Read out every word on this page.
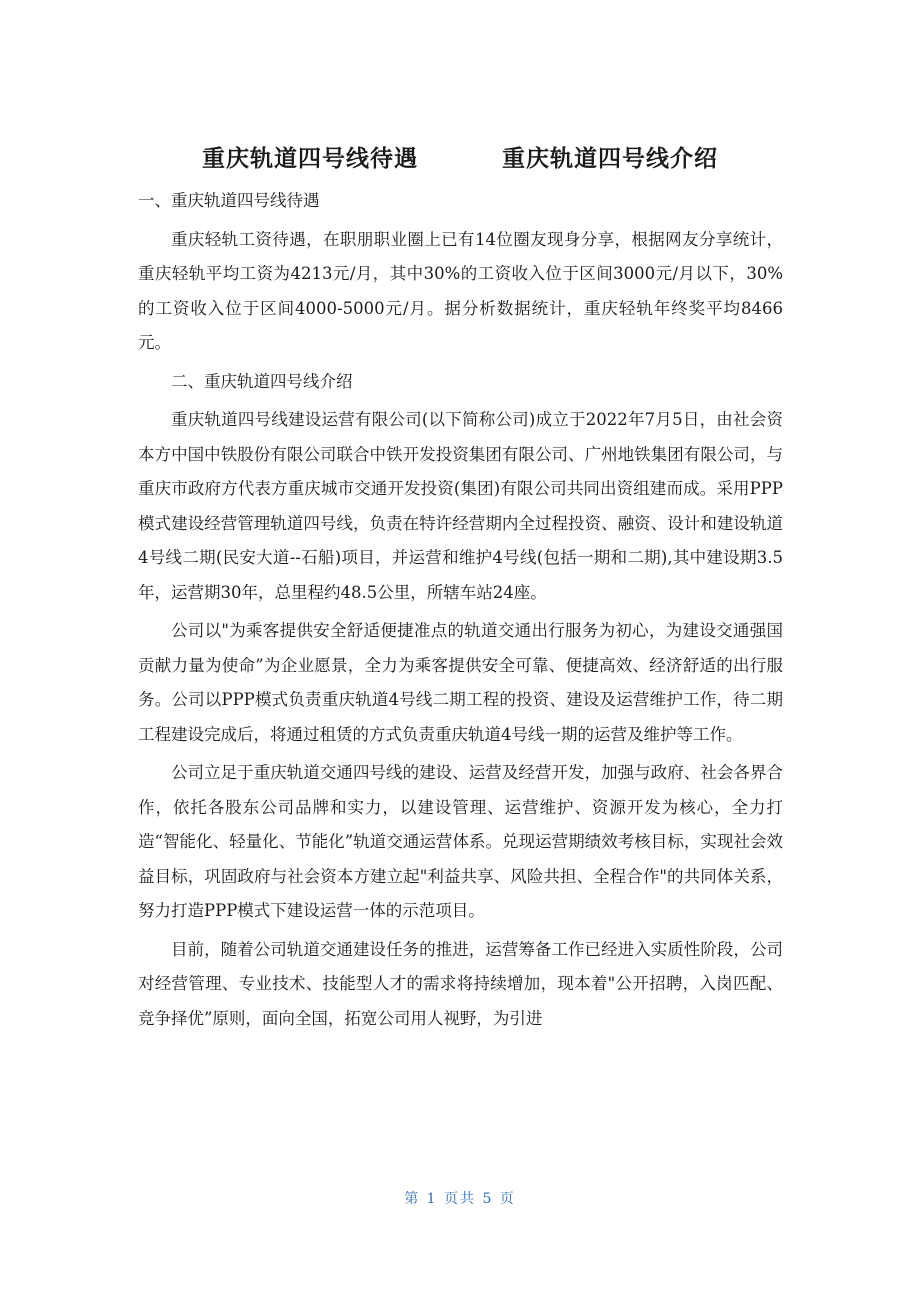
重庆轨道四号线待遇	重庆轨道四号线介绍

一、重庆轨道四号线待遇

重庆轻轨工资待遇，在职朋职业圈上已有14位圈友现身分享，根据网友分享统计，重庆轻轨平均工资为4213元/月，其中30%的工资收入位于区间3000元/月以下，30%的工资收入位于区间4000-5000元/月。据分析数据统计，重庆轻轨年终奖平均8466元。

二、重庆轨道四号线介绍

重庆轨道四号线建设运营有限公司(以下简称公司)成立于2022年7月5日，由社会资本方中国中铁股份有限公司联合中铁开发投资集团有限公司、广州地铁集团有限公司，与重庆市政府方代表方重庆城市交通开发投资(集团)有限公司共同出资组建而成。采用PPP模式建设经营管理轨道四号线，负责在特许经营期内全过程投资、融资、设计和建设轨道4号线二期(民安大道--石船)项目，并运营和维护4号线(包括一期和二期),其中建设期3.5年，运营期30年，总里程约48.5公里，所辖车站24座。

公司以"为乘客提供安全舒适便捷准点的轨道交通出行服务为初心，为建设交通强国贡献力量为使命”为企业愿景，全力为乘客提供安全可靠、便捷高效、经济舒适的出行服务。公司以PPP模式负责重庆轨道4号线二期工程的投资、建设及运营维护工作，待二期工程建设完成后，将通过租赁的方式负责重庆轨道4号线一期的运营及维护等工作。

公司立足于重庆轨道交通四号线的建设、运营及经营开发，加强与政府、社会各界合作，依托各股东公司品牌和实力，以建设管理、运营维护、资源开发为核心，全力打造“智能化、轻量化、节能化”轨道交通运营体系。兑现运营期绩效考核目标，实现社会效益目标，巩固政府与社会资本方建立起"利益共享、风险共担、全程合作"的共同体关系，努力打造PPP模式下建设运营一体的示范项目。

目前，随着公司轨道交通建设任务的推进，运营筹备工作已经进入实质性阶段，公司对经营管理、专业技术、技能型人才的需求将持续增加，现本着"公开招聘，入岗匹配、竞争择优”原则，面向全国，拓宽公司用人视野，为引进

第 1 页共 5 页
